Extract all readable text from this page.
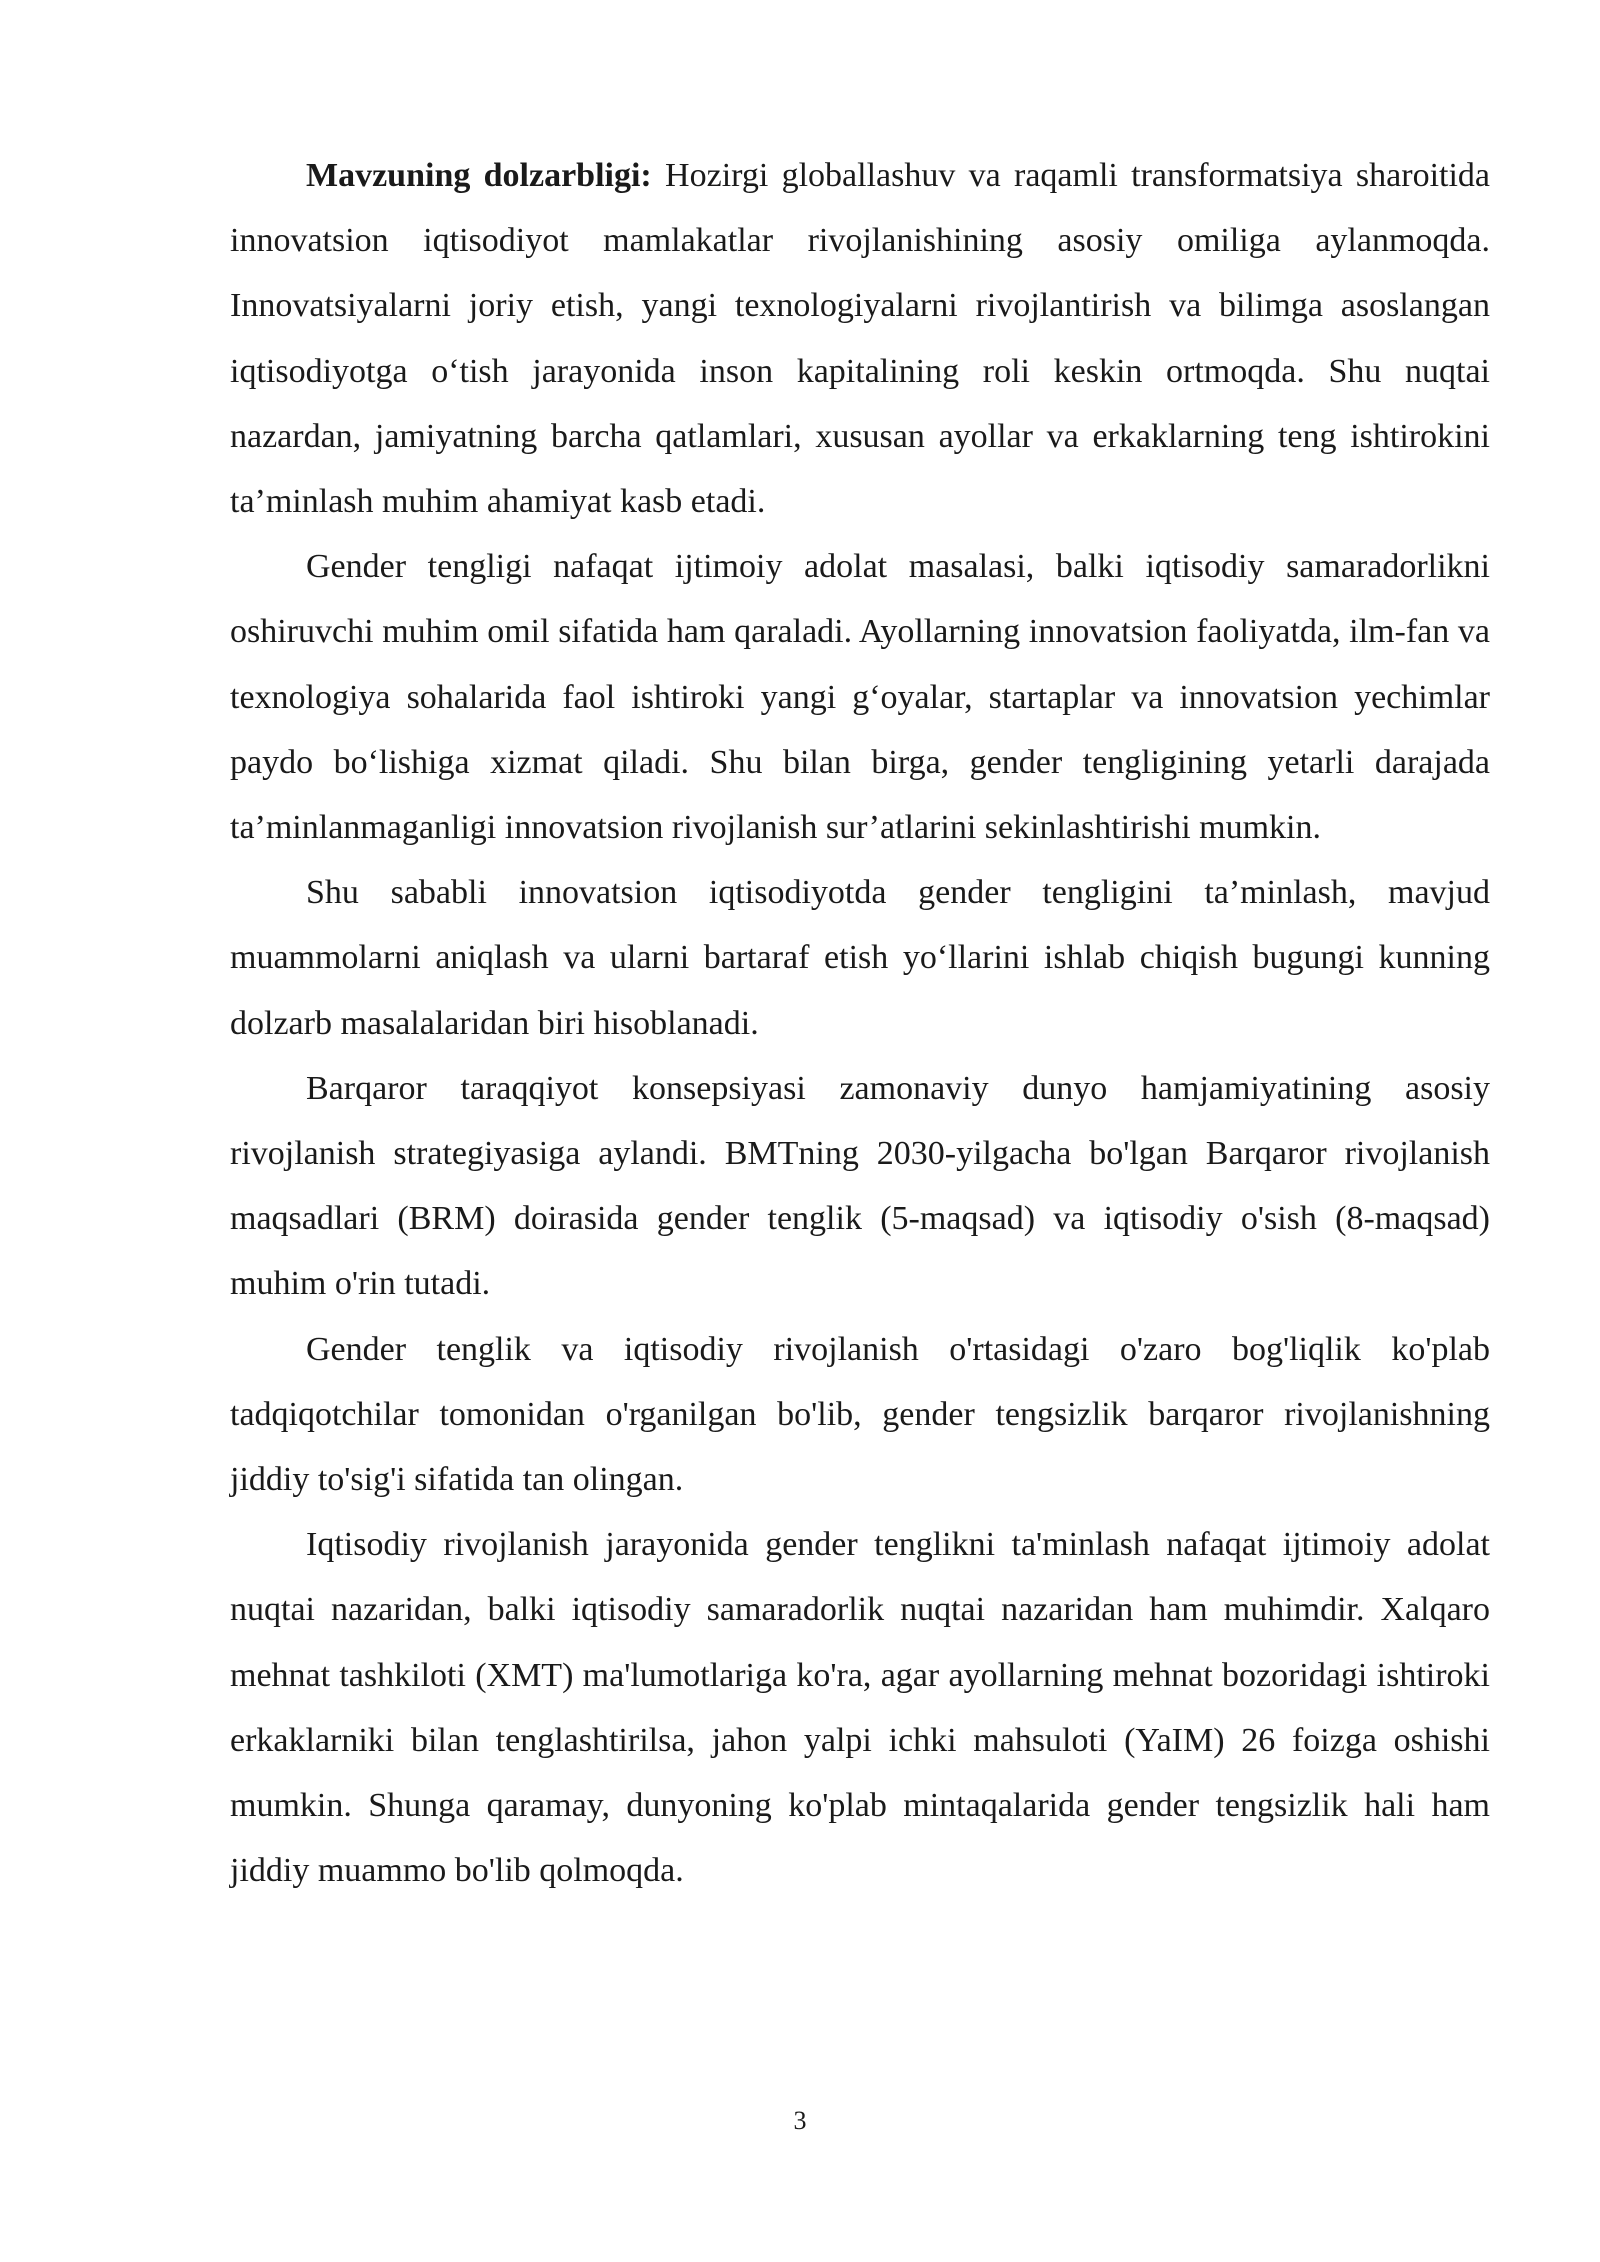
Mavzuning dolzarbligi: Hozirgi globallashuv va raqamli transformatsiya sharoitida innovatsion iqtisodiyot mamlakatlar rivojlanishining asosiy omiliga aylanmoqda. Innovatsiyalarni joriy etish, yangi texnologiyalarni rivojlantirish va bilimga asoslangan iqtisodiyotga o‘tish jarayonida inson kapitalining roli keskin ortmoqda. Shu nuqtai nazardan, jamiyatning barcha qatlamlari, xususan ayollar va erkaklarning teng ishtirokini ta’minlash muhim ahamiyat kasb etadi.

Gender tengligi nafaqat ijtimoiy adolat masalasi, balki iqtisodiy samaradorlikni oshiruvchi muhim omil sifatida ham qaraladi. Ayollarning innovatsion faoliyatda, ilm-fan va texnologiya sohalarida faol ishtiroki yangi g‘oyalar, startaplar va innovatsion yechimlar paydo bo‘lishiga xizmat qiladi. Shu bilan birga, gender tengligining yetarli darajada ta’minlanmaganligi innovatsion rivojlanish sur’atlarini sekinlashtirishi mumkin.

Shu sababli innovatsion iqtisodiyotda gender tengligini ta’minlash, mavjud muammolarni aniqlash va ularni bartaraf etish yo‘llarini ishlab chiqish bugungi kunning dolzarb masalalaridan biri hisoblanadi.

Barqaror taraqqiyot konsepsiyasi zamonaviy dunyo hamjamiyatining asosiy rivojlanish strategiyasiga aylandi. BMTning 2030-yilgacha bo'lgan Barqaror rivojlanish maqsadlari (BRM) doirasida gender tenglik (5-maqsad) va iqtisodiy o'sish (8-maqsad) muhim o'rin tutadi.

Gender tenglik va iqtisodiy rivojlanish o'rtasidagi o'zaro bog'liqlik ko'plab tadqiqotchilar tomonidan o'rganilgan bo'lib, gender tengsizlik barqaror rivojlanishning jiddiy to'sig'i sifatida tan olingan.

Iqtisodiy rivojlanish jarayonida gender tenglikni ta'minlash nafaqat ijtimoiy adolat nuqtai nazaridan, balki iqtisodiy samaradorlik nuqtai nazaridan ham muhimdir. Xalqaro mehnat tashkiloti (XMT) ma'lumotlariga ko'ra, agar ayollarning mehnat bozoridagi ishtiroki erkaklarniki bilan tenglashtirilsa, jahon yalpi ichki mahsuloti (YaIM) 26 foizga oshishi mumkin. Shunga qaramay, dunyoning ko'plab mintaqalarida gender tengsizlik hali ham jiddiy muammo bo'lib qolmoqda.

3
